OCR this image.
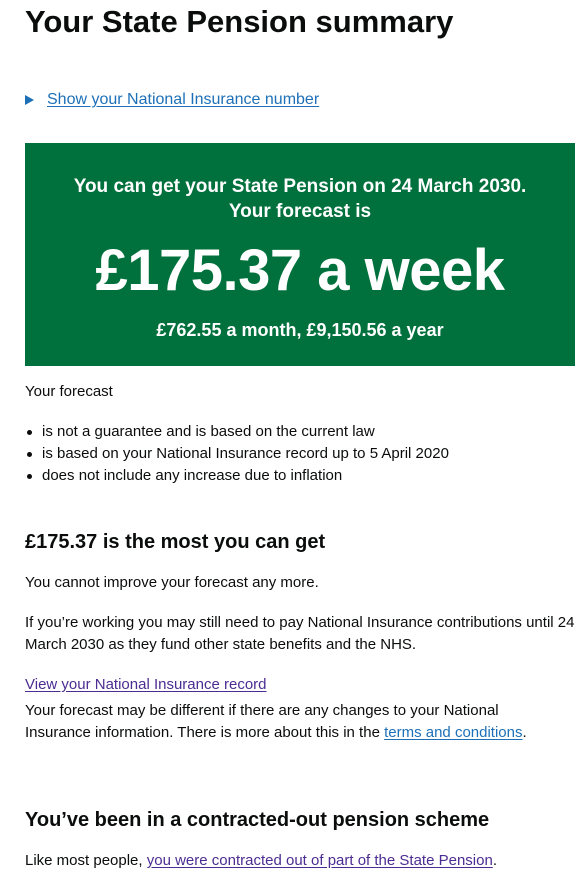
Your State Pension summary
Show your National Insurance number
You can get your State Pension on 24 March 2030.
Your forecast is
£175.37 a week
£762.55 a month, £9,150.56 a year

Your forecast

is not a guarantee and is based on the current law
is based on your National Insurance record up to 5 April 2020
does not include any increase due to inflation
£175.37 is the most you can get

You cannot improve your forecast any more.

If you’re working you may still need to pay National Insurance contributions until 24 March 2030 as they fund other state benefits and the NHS.

View your National Insurance record

Your forecast may be different if there are any changes to your National Insurance information. There is more about this in the terms and conditions.

You’ve been in a contracted-out pension scheme

Like most people, you were contracted out of part of the State Pension.
